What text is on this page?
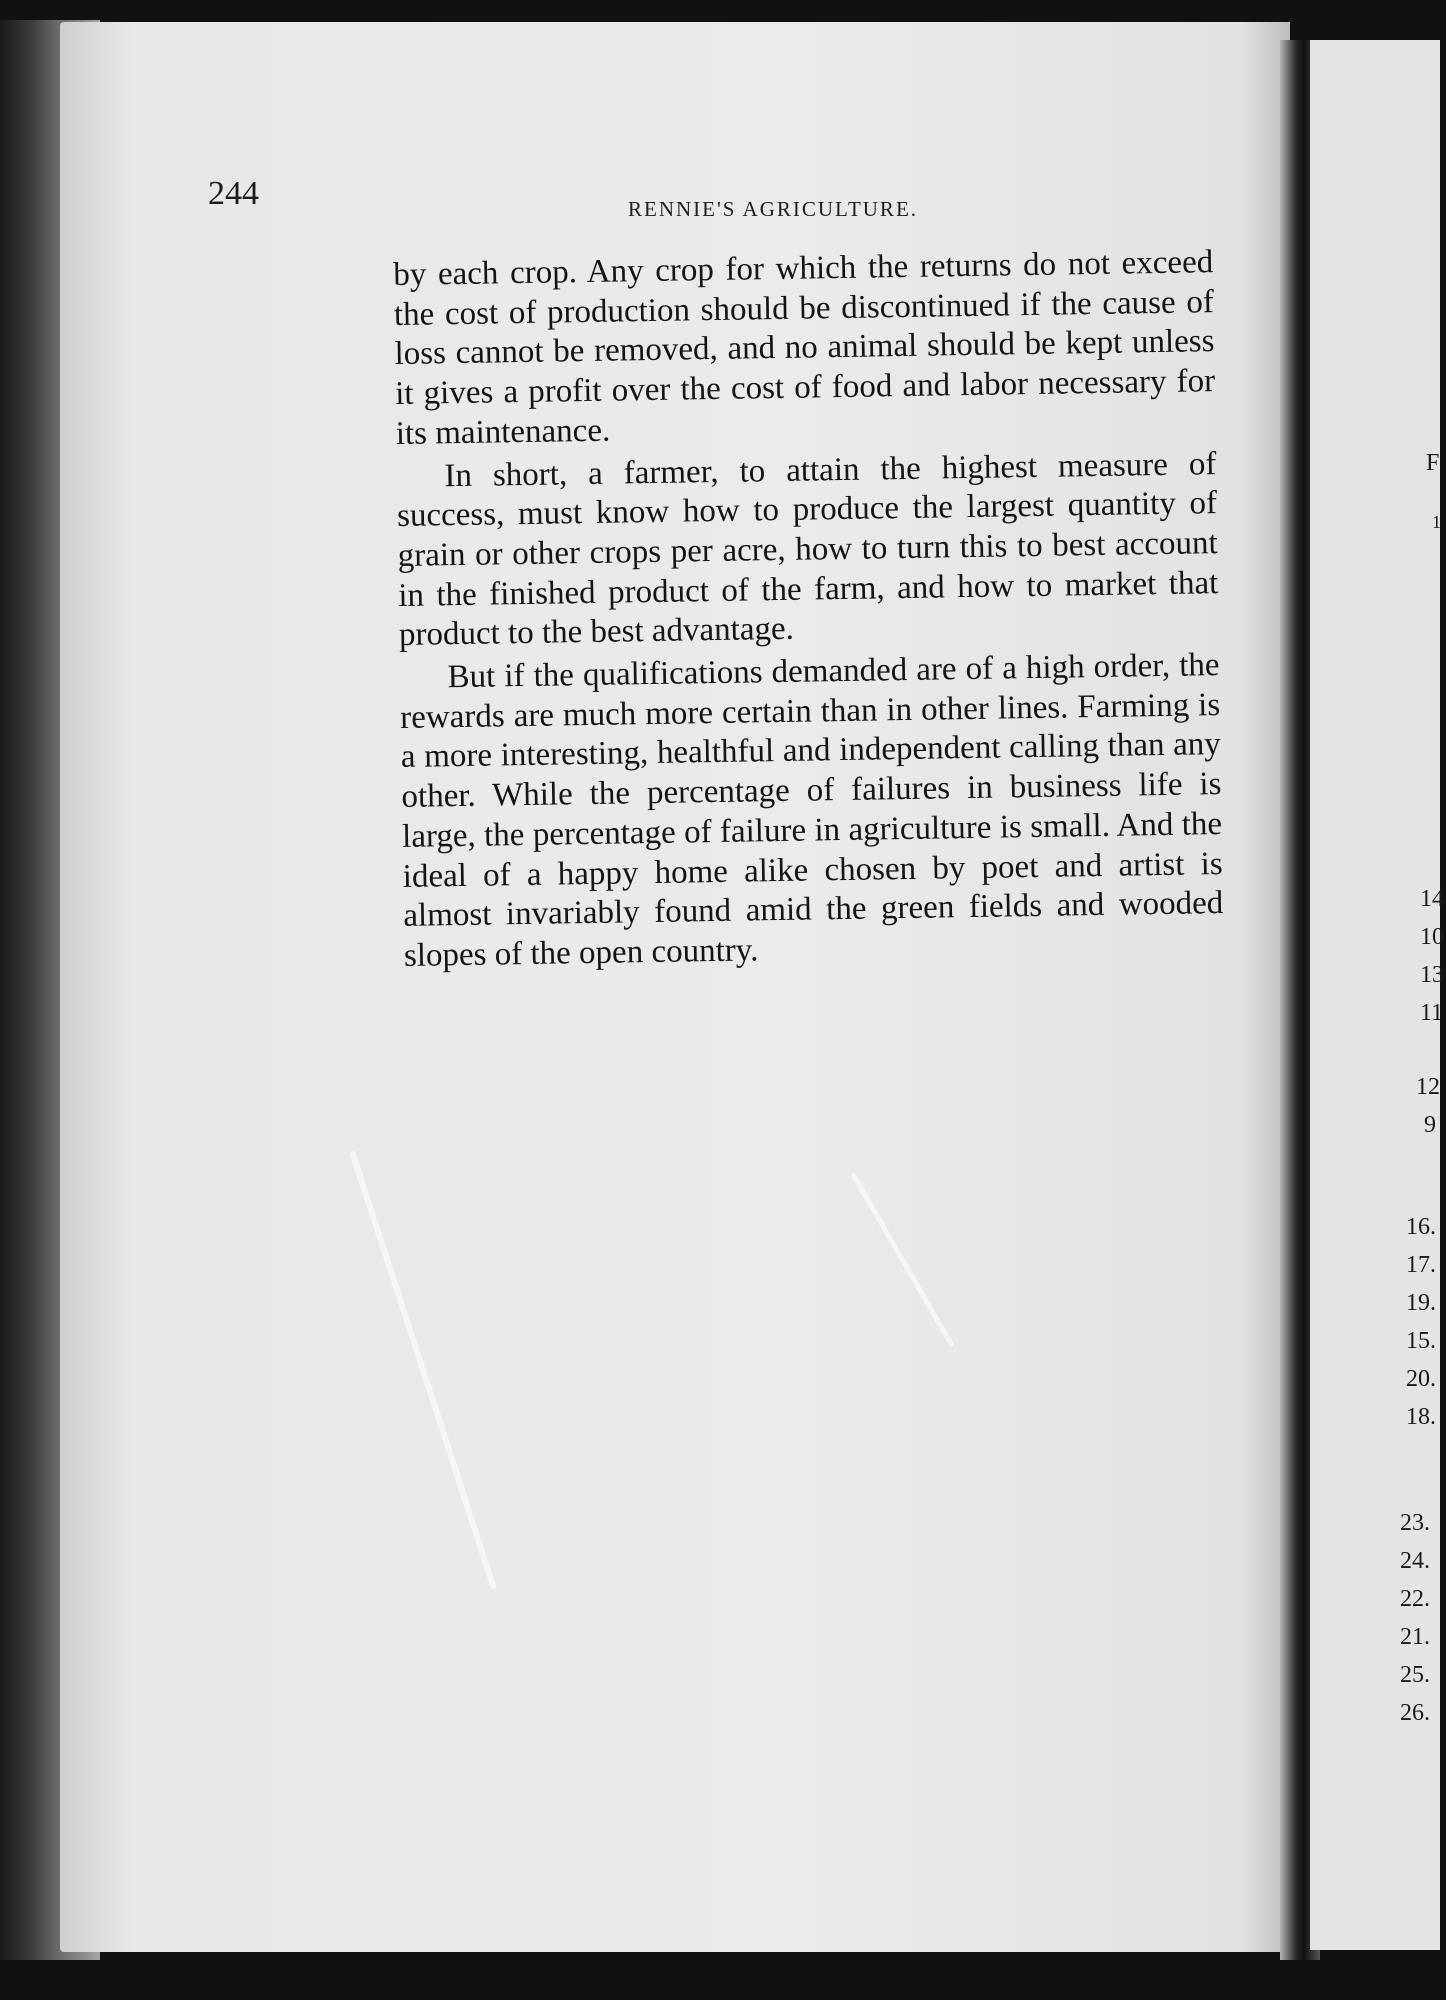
244	RENNIE'S AGRICULTURE.

by each crop. Any crop for which the returns do not exceed the cost of production should be discontinued if the cause of loss cannot be removed, and no animal should be kept unless it gives a profit over the cost of food and labor necessary for its maintenance.

In short, a farmer, to attain the highest measure of success, must know how to produce the largest quantity of grain or other crops per acre, how to turn this to best account in the finished product of the farm, and how to market that product to the best advantage.

But if the qualifications demanded are of a high order, the rewards are much more certain than in other lines. Farming is a more interesting, healthful and independent calling than any other. While the percentage of failures in business life is large, the percentage of failure in agriculture is small. And the ideal of a happy home alike chosen by poet and artist is almost invariably found amid the green fields and wooded slopes of the open country.

F
1
14
10
13
11
12
9
16.
17.
19.
15.
20.
18.
23.
24.
22.
21.
25.
26.
